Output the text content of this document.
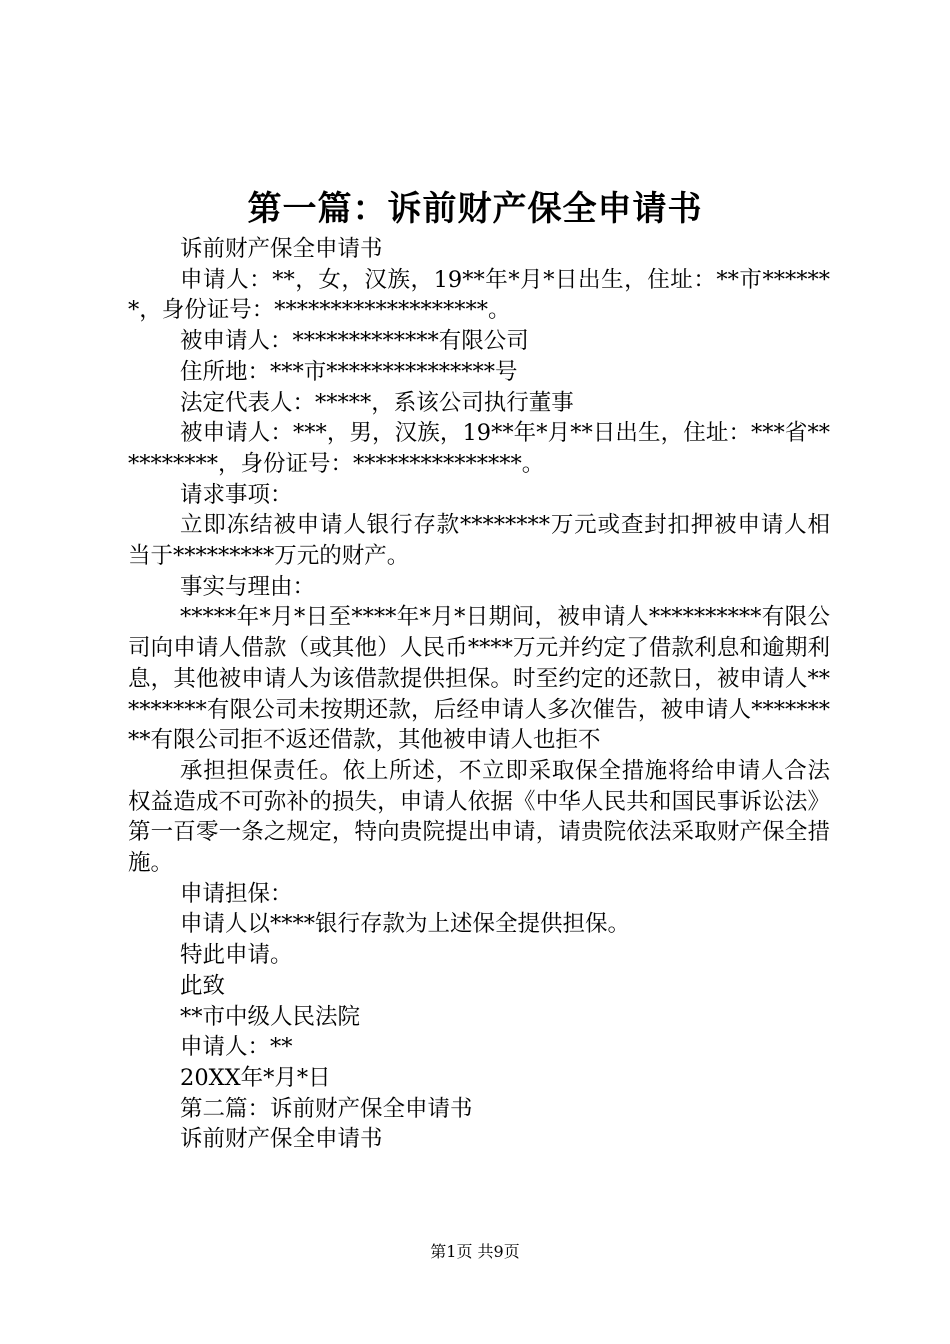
第一篇：诉前财产保全申请书

诉前财产保全申请书

申请人：**，女，汉族，19**年*月*日出生，住址：**市*******，身份证号：*******************。

被申请人：*************有限公司

住所地：***市***************号

法定代表人：*****，系该公司执行董事

被申请人：***，男，汉族，19**年*月**日出生，住址：***省**********，身份证号：***************。

请求事项：

立即冻结被申请人银行存款********万元或查封扣押被申请人相当于*********万元的财产。

事实与理由：

*****年*月*日至****年*月*日期间，被申请人**********有限公司向申请人借款（或其他）人民币****万元并约定了借款利息和逾期利息，其他被申请人为该借款提供担保。时至约定的还款日，被申请人*********有限公司未按期还款，后经申请人多次催告，被申请人*********有限公司拒不返还借款，其他被申请人也拒不

承担担保责任。依上所述，不立即采取保全措施将给申请人合法权益造成不可弥补的损失，申请人依据《中华人民共和国民事诉讼法》第一百零一条之规定，特向贵院提出申请，请贵院依法采取财产保全措施。

申请担保：

申请人以****银行存款为上述保全提供担保。

特此申请。

此致

**市中级人民法院

申请人：**

20XX年*月*日

第二篇：诉前财产保全申请书

诉前财产保全申请书

第1页 共9页
